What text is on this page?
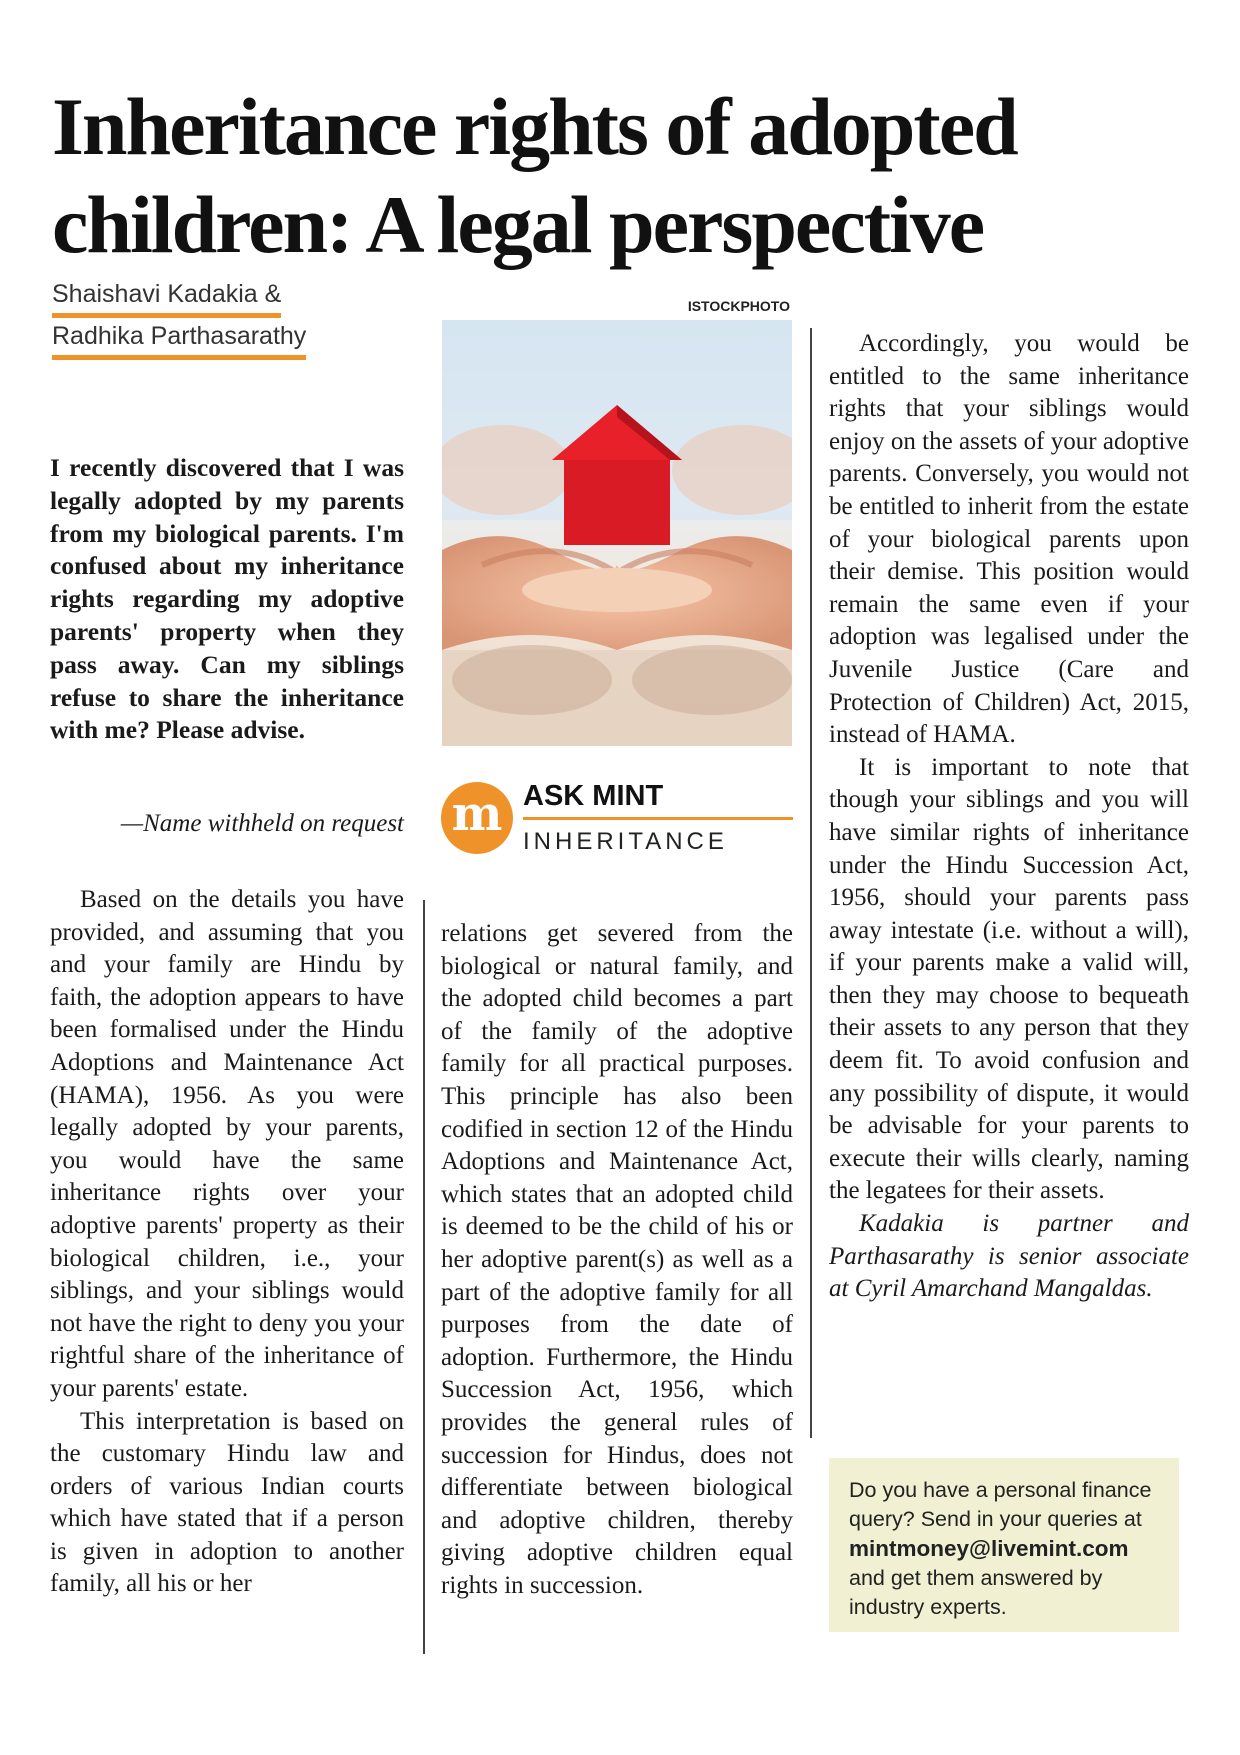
Inheritance rights of adopted children: A legal perspective
Shaishavi Kadakia &
Radhika Parthasarathy

I recently discovered that I was legally adopted by my parents from my biological parents. I'm confused about my inheritance rights regarding my adoptive parents' property when they pass away. Can my siblings refuse to share the inheritance with me? Please advise.

—Name withheld on request

Based on the details you have provided, and assuming that you and your family are Hindu by faith, the adoption appears to have been formalised under the Hindu Adoptions and Maintenance Act (HAMA), 1956. As you were legally adopted by your parents, you would have the same inheritance rights over your adoptive parents' property as their biological children, i.e., your siblings, and your siblings would not have the right to deny you your rightful share of the inheritance of your parents' estate.

This interpretation is based on the customary Hindu law and orders of various Indian courts which have stated that if a person is given in adoption to another family, all his or her

relations get severed from the biological or natural family, and the adopted child becomes a part of the family of the adoptive family for all practical purposes. This principle has also been codified in section 12 of the Hindu Adoptions and Maintenance Act, which states that an adopted child is deemed to be the child of his or her adoptive parent(s) as well as a part of the adoptive family for all purposes from the date of adoption. Furthermore, the Hindu Succession Act, 1956, which provides the general rules of succession for Hindus, does not differentiate between biological and adoptive children, thereby giving adoptive children equal rights in succession.

ISTOCKPHOTO
m ASK MINT
INHERITANCE

Accordingly, you would be entitled to the same inheritance rights that your siblings would enjoy on the assets of your adoptive parents. Conversely, you would not be entitled to inherit from the estate of your biological parents upon their demise. This position would remain the same even if your adoption was legalised under the Juvenile Justice (Care and Protection of Children) Act, 2015, instead of HAMA.

It is important to note that though your siblings and you will have similar rights of inheritance under the Hindu Succession Act, 1956, should your parents pass away intestate (i.e. without a will), if your parents make a valid will, then they may choose to bequeath their assets to any person that they deem fit. To avoid confusion and any possibility of dispute, it would be advisable for your parents to execute their wills clearly, naming the legatees for their assets.

Kadakia is partner and Parthasarathy is senior associate at Cyril Amarchand Mangaldas.

Do you have a personal finance query? Send in your queries at
mintmoney@livemint.com
and get them answered by industry experts.
